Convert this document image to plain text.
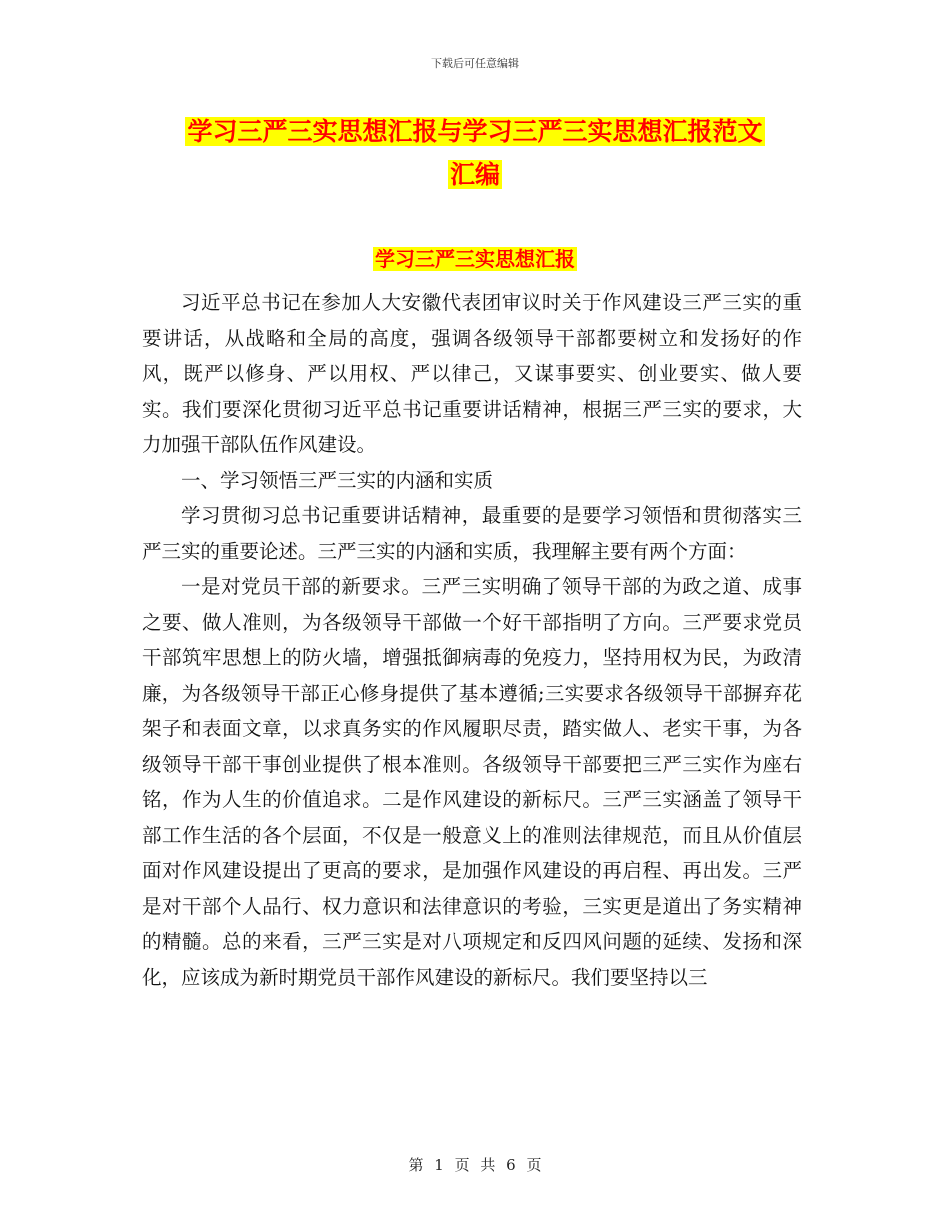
下载后可任意编辑
学习三严三实思想汇报与学习三严三实思想汇报范文
汇编
学习三严三实思想汇报

习近平总书记在参加人大安徽代表团审议时关于作风建设三严三实的重要讲话，从战略和全局的高度，强调各级领导干部都要树立和发扬好的作风，既严以修身、严以用权、严以律己，又谋事要实、创业要实、做人要实。我们要深化贯彻习近平总书记重要讲话精神，根据三严三实的要求，大力加强干部队伍作风建设。

一、学习领悟三严三实的内涵和实质

学习贯彻习总书记重要讲话精神，最重要的是要学习领悟和贯彻落实三严三实的重要论述。三严三实的内涵和实质，我理解主要有两个方面：

一是对党员干部的新要求。三严三实明确了领导干部的为政之道、成事之要、做人准则，为各级领导干部做一个好干部指明了方向。三严要求党员干部筑牢思想上的防火墙，增强抵御病毒的免疫力，坚持用权为民，为政清廉，为各级领导干部正心修身提供了基本遵循;三实要求各级领导干部摒弃花架子和表面文章，以求真务实的作风履职尽责，踏实做人、老实干事，为各级领导干部干事创业提供了根本准则。各级领导干部要把三严三实作为座右铭，作为人生的价值追求。二是作风建设的新标尺。三严三实涵盖了领导干部工作生活的各个层面，不仅是一般意义上的准则法律规范，而且从价值层面对作风建设提出了更高的要求，是加强作风建设的再启程、再出发。三严是对干部个人品行、权力意识和法律意识的考验，三实更是道出了务实精神的精髓。总的来看，三严三实是对八项规定和反四风问题的延续、发扬和深化，应该成为新时期党员干部作风建设的新标尺。我们要坚持以三

第 1 页 共 6 页
